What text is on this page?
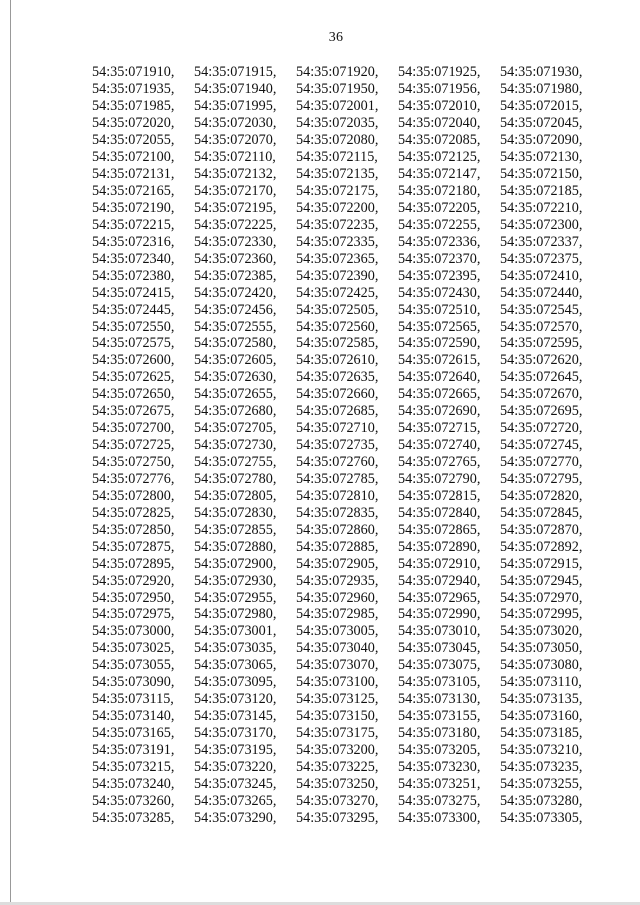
36
54:35:071910,	54:35:071915,	54:35:071920,	54:35:071925,	54:35:071930,
54:35:071935,	54:35:071940,	54:35:071950,	54:35:071956,	54:35:071980,
54:35:071985,	54:35:071995,	54:35:072001,	54:35:072010,	54:35:072015,
54:35:072020,	54:35:072030,	54:35:072035,	54:35:072040,	54:35:072045,
54:35:072055,	54:35:072070,	54:35:072080,	54:35:072085,	54:35:072090,
54:35:072100,	54:35:072110,	54:35:072115,	54:35:072125,	54:35:072130,
54:35:072131,	54:35:072132,	54:35:072135,	54:35:072147,	54:35:072150,
54:35:072165,	54:35:072170,	54:35:072175,	54:35:072180,	54:35:072185,
54:35:072190,	54:35:072195,	54:35:072200,	54:35:072205,	54:35:072210,
54:35:072215,	54:35:072225,	54:35:072235,	54:35:072255,	54:35:072300,
54:35:072316,	54:35:072330,	54:35:072335,	54:35:072336,	54:35:072337,
54:35:072340,	54:35:072360,	54:35:072365,	54:35:072370,	54:35:072375,
54:35:072380,	54:35:072385,	54:35:072390,	54:35:072395,	54:35:072410,
54:35:072415,	54:35:072420,	54:35:072425,	54:35:072430,	54:35:072440,
54:35:072445,	54:35:072456,	54:35:072505,	54:35:072510,	54:35:072545,
54:35:072550,	54:35:072555,	54:35:072560,	54:35:072565,	54:35:072570,
54:35:072575,	54:35:072580,	54:35:072585,	54:35:072590,	54:35:072595,
54:35:072600,	54:35:072605,	54:35:072610,	54:35:072615,	54:35:072620,
54:35:072625,	54:35:072630,	54:35:072635,	54:35:072640,	54:35:072645,
54:35:072650,	54:35:072655,	54:35:072660,	54:35:072665,	54:35:072670,
54:35:072675,	54:35:072680,	54:35:072685,	54:35:072690,	54:35:072695,
54:35:072700,	54:35:072705,	54:35:072710,	54:35:072715,	54:35:072720,
54:35:072725,	54:35:072730,	54:35:072735,	54:35:072740,	54:35:072745,
54:35:072750,	54:35:072755,	54:35:072760,	54:35:072765,	54:35:072770,
54:35:072776,	54:35:072780,	54:35:072785,	54:35:072790,	54:35:072795,
54:35:072800,	54:35:072805,	54:35:072810,	54:35:072815,	54:35:072820,
54:35:072825,	54:35:072830,	54:35:072835,	54:35:072840,	54:35:072845,
54:35:072850,	54:35:072855,	54:35:072860,	54:35:072865,	54:35:072870,
54:35:072875,	54:35:072880,	54:35:072885,	54:35:072890,	54:35:072892,
54:35:072895,	54:35:072900,	54:35:072905,	54:35:072910,	54:35:072915,
54:35:072920,	54:35:072930,	54:35:072935,	54:35:072940,	54:35:072945,
54:35:072950,	54:35:072955,	54:35:072960,	54:35:072965,	54:35:072970,
54:35:072975,	54:35:072980,	54:35:072985,	54:35:072990,	54:35:072995,
54:35:073000,	54:35:073001,	54:35:073005,	54:35:073010,	54:35:073020,
54:35:073025,	54:35:073035,	54:35:073040,	54:35:073045,	54:35:073050,
54:35:073055,	54:35:073065,	54:35:073070,	54:35:073075,	54:35:073080,
54:35:073090,	54:35:073095,	54:35:073100,	54:35:073105,	54:35:073110,
54:35:073115,	54:35:073120,	54:35:073125,	54:35:073130,	54:35:073135,
54:35:073140,	54:35:073145,	54:35:073150,	54:35:073155,	54:35:073160,
54:35:073165,	54:35:073170,	54:35:073175,	54:35:073180,	54:35:073185,
54:35:073191,	54:35:073195,	54:35:073200,	54:35:073205,	54:35:073210,
54:35:073215,	54:35:073220,	54:35:073225,	54:35:073230,	54:35:073235,
54:35:073240,	54:35:073245,	54:35:073250,	54:35:073251,	54:35:073255,
54:35:073260,	54:35:073265,	54:35:073270,	54:35:073275,	54:35:073280,
54:35:073285,	54:35:073290,	54:35:073295,	54:35:073300,	54:35:073305,
